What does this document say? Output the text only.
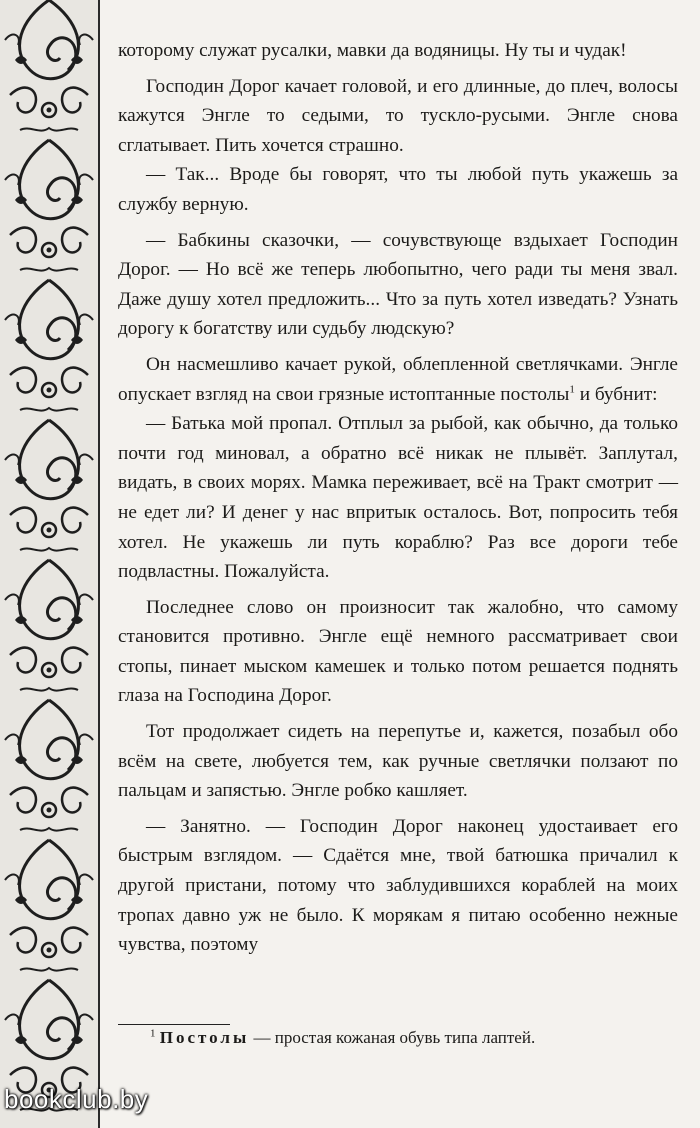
которому служат русалки, мавки да водяницы. Ну ты и чудак!

Господин Дорог качает головой, и его длинные, до плеч, волосы кажутся Энгле то седыми, то тускло-русыми. Энгле снова сглатывает. Пить хочется страшно.

— Так... Вроде бы говорят, что ты любой путь укажешь за службу верную.

— Бабкины сказочки, — сочувствующе вздыхает Господин Дорог. — Но всё же теперь любопытно, чего ради ты меня звал. Даже душу хотел предложить... Что за путь хотел изведать? Узнать дорогу к богатству или судьбу людскую?

Он насмешливо качает рукой, облепленной светлячками. Энгле опускает взгляд на свои грязные истоптанные постолы$^1$ и бубнит:

— Батька мой пропал. Отплыл за рыбой, как обычно, да только почти год миновал, а обратно всё никак не плывёт. Заплутал, видать, в своих морях. Мамка переживает, всё на Тракт смотрит — не едет ли? И денег у нас впритык осталось. Вот, попросить тебя хотел. Не укажешь ли путь кораблю? Раз все дороги тебе подвластны. Пожалуйста.

Последнее слово он произносит так жалобно, что самому становится противно. Энгле ещё немного рассматривает свои стопы, пинает мыском камешек и только потом решается поднять глаза на Господина Дорог.

Тот продолжает сидеть на перепутье и, кажется, позабыл обо всём на свете, любуется тем, как ручные светлячки ползают по пальцам и запястью. Энгле робко кашляет.

— Занятно. — Господин Дорог наконец удостаивает его быстрым взглядом. — Сдаётся мне, твой батюшка причалил к другой пристани, потому что заблудившихся кораблей на моих тропах давно уж не было. К морякам я питаю особенно нежные чувства, поэтому

$^1$ Постолы — простая кожаная обувь типа лаптей.
bookclub.by
